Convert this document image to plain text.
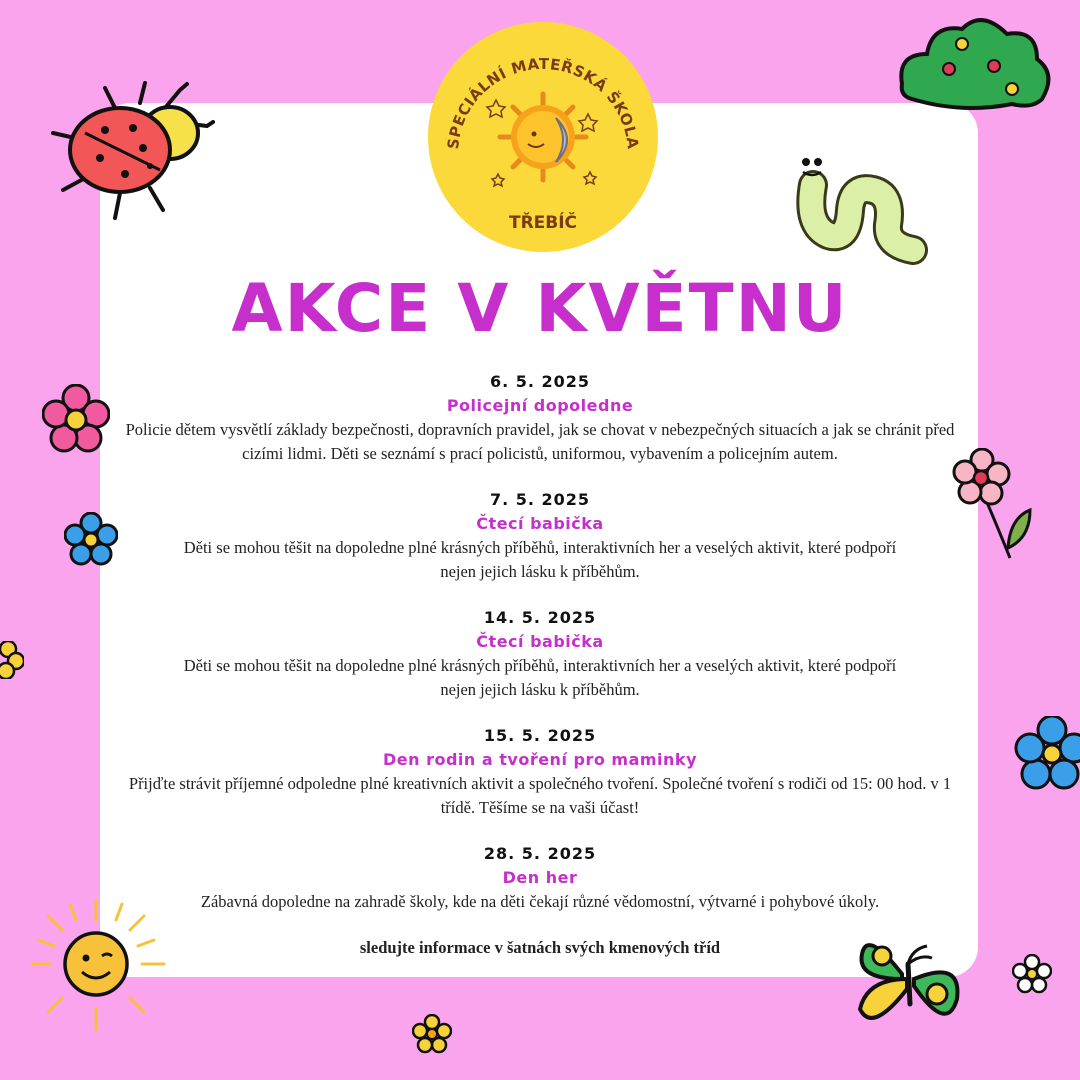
SPECIÁLNÍ MATEŘSKÁ ŠKOLA
TŘEBÍČ
AKCE V KVĚTNU
6. 5. 2025
Policejní dopoledne
Policie dětem vysvětlí základy bezpečnosti, dopravních pravidel, jak se chovat v nebezpečných situacích a jak se chránit před cizími lidmi. Děti se seznámí s prací policistů, uniformou, vybavením a policejním autem.
7. 5. 2025
Čtecí babička
Děti se mohou těšit na dopoledne plné krásných příběhů, interaktivních her a veselých aktivit, které podpoří nejen jejich lásku k příběhům.
14. 5. 2025
Čtecí babička
Děti se mohou těšit na dopoledne plné krásných příběhů, interaktivních her a veselých aktivit, které podpoří nejen jejich lásku k příběhům.
15. 5. 2025
Den rodin a tvoření pro maminky
Přijďte strávit příjemné odpoledne plné kreativních aktivit a společného tvoření. Společné tvoření s rodiči od 15: 00 hod. v 1 třídě. Těšíme se na vaši účast!
28. 5. 2025
Den her
Zábavná dopoledne na zahradě školy, kde na děti čekají různé vědomostní, výtvarné i pohybové úkoly.
sledujte informace v šatnách svých kmenových tříd
